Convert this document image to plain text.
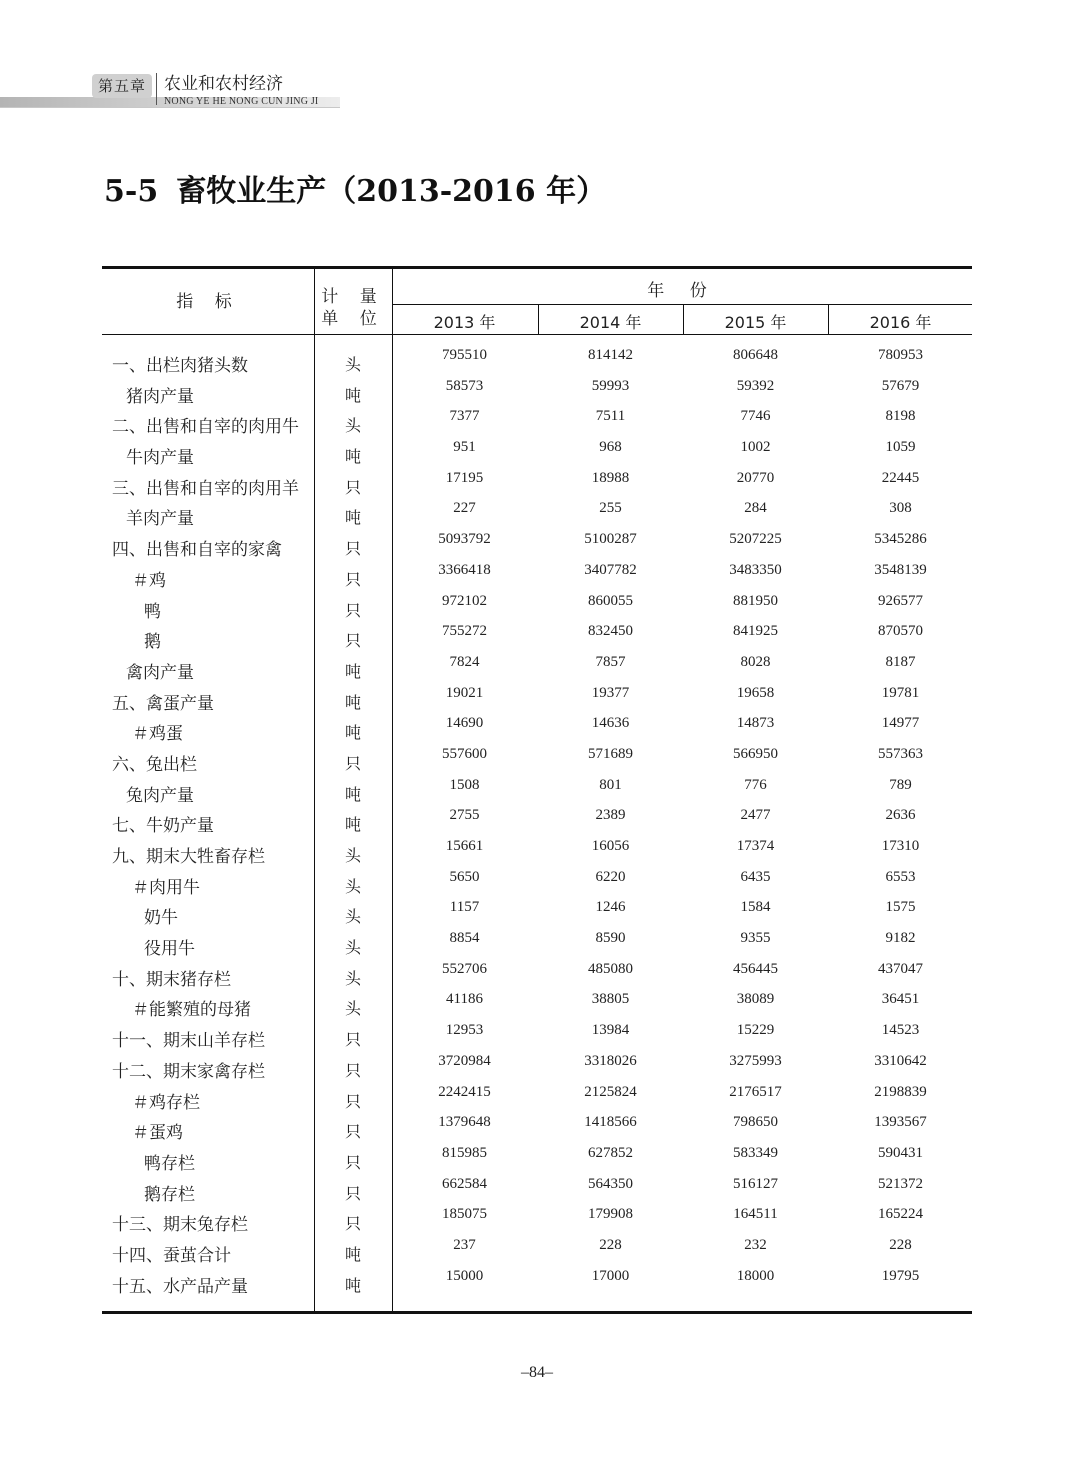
第五章	农业和农村经济
NONG YE HE NONG CUN JING JI
5-5 畜牧业生产（2013-2016 年）
指 标	计 量
单 位
年 份
2013 年	2014 年	2015 年	2016 年
一、出栏肉猪头数	头	795510	814142	806648	780953
猪肉产量	吨	58573	59993	59392	57679
二、出售和自宰的肉用牛	头	7377	7511	7746	8198
牛肉产量	吨	951	968	1002	1059
三、出售和自宰的肉用羊	只	17195	18988	20770	22445
羊肉产量	吨	227	255	284	308
四、出售和自宰的家禽	只	5093792	5100287	5207225	5345286
＃鸡	只	3366418	3407782	3483350	3548139
鸭	只	972102	860055	881950	926577
鹅	只	755272	832450	841925	870570
禽肉产量	吨	7824	7857	8028	8187
五、禽蛋产量	吨	19021	19377	19658	19781
＃鸡蛋	吨	14690	14636	14873	14977
六、兔出栏	只	557600	571689	566950	557363
兔肉产量	吨	1508	801	776	789
七、牛奶产量	吨	2755	2389	2477	2636
九、期末大牲畜存栏	头	15661	16056	17374	17310
＃肉用牛	头	5650	6220	6435	6553
奶牛	头	1157	1246	1584	1575
役用牛	头	8854	8590	9355	9182
十、期末猪存栏	头	552706	485080	456445	437047
＃能繁殖的母猪	头	41186	38805	38089	36451
十一、期末山羊存栏	只	12953	13984	15229	14523
十二、期末家禽存栏	只	3720984	3318026	3275993	3310642
＃鸡存栏	只	2242415	2125824	2176517	2198839
＃蛋鸡	只	1379648	1418566	798650	1393567
鸭存栏	只	815985	627852	583349	590431
鹅存栏	只	662584	564350	516127	521372
十三、期末兔存栏	只	185075	179908	164511	165224
十四、蚕茧合计	吨	237	228	232	228
十五、水产品产量	吨	15000	17000	18000	19795
–84–
